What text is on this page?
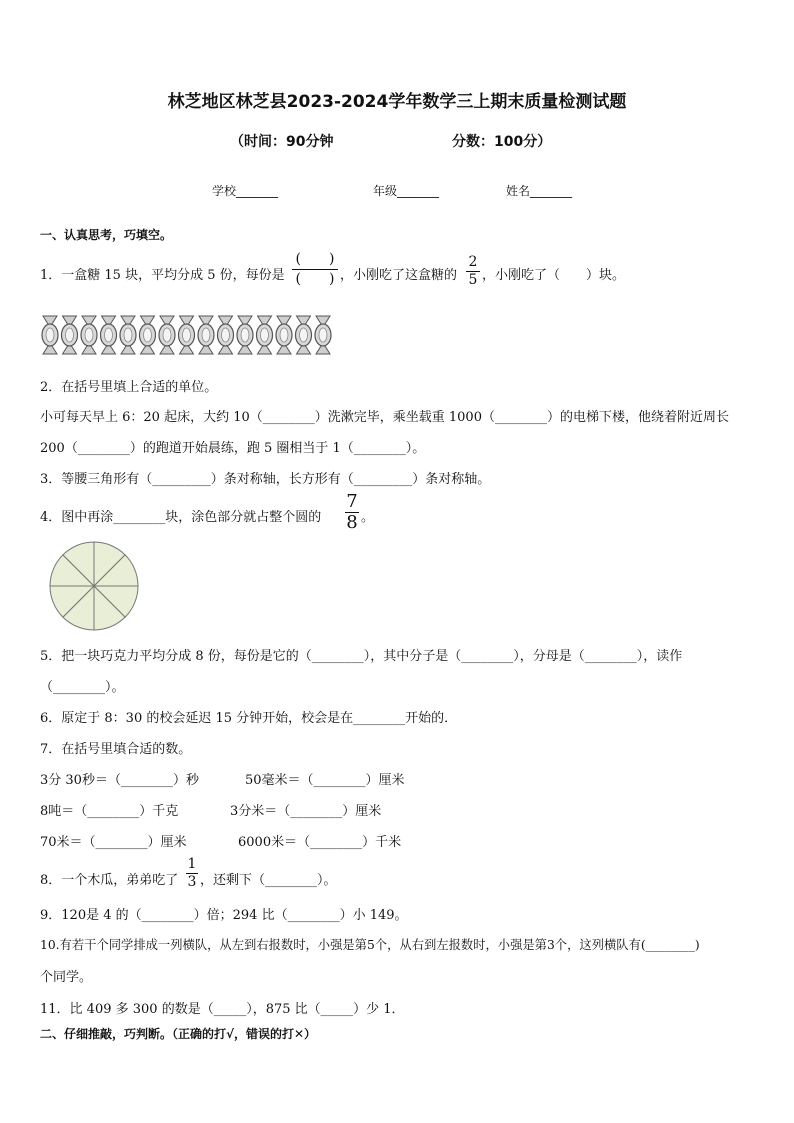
林芝地区林芝县2023-2024学年数学三上期末质量检测试题
（时间：90分钟	分数：100分）
学校_______	年级_______	姓名_______
一、认真思考，巧填空。
1．一盒糖 15 块，平均分成 5 份，每份是
(　　)
(　　) ，小刚吃了这盒糖的
2
5 ，小刚吃了（　　）块。
2．在括号里填上合适的单位。
小可每天早上 6：20 起床，大约 10（________）洗漱完毕，乘坐载重 1000（________）的电梯下楼，他绕着附近周长
200（________）的跑道开始晨练，跑 5 圈相当于 1（________）。
3．等腰三角形有（_________）条对称轴，长方形有（_________）条对称轴。
4．图中再涂________块，涂色部分就占整个圆的
7
8 。
5．把一块巧克力平均分成 8 份，每份是它的（________），其中分子是（________），分母是（________），读作
（________）。
6．原定于 8：30 的校会延迟 15 分钟开始，校会是在________开始的．
7．在括号里填合适的数。
3分 30秒＝（________）秒	50毫米＝（________）厘米
8吨＝（________）千克	3分米＝（________）厘米
70米＝（________）厘米	6000米＝（________）千米
8．一个木瓜，弟弟吃了
1
3 ，还剩下（________）。
9．120是 4 的（________）倍；294 比（________）小 149。
10.有若干个同学排成一列横队，从左到右报数时，小强是第5个，从右到左报数时，小强是第3个，这列横队有(________)
个同学。
11．比 409 多 300 的数是（_____），875 比（_____）少 1．
二、仔细推敲，巧判断。（正确的打√，错误的打✕）
